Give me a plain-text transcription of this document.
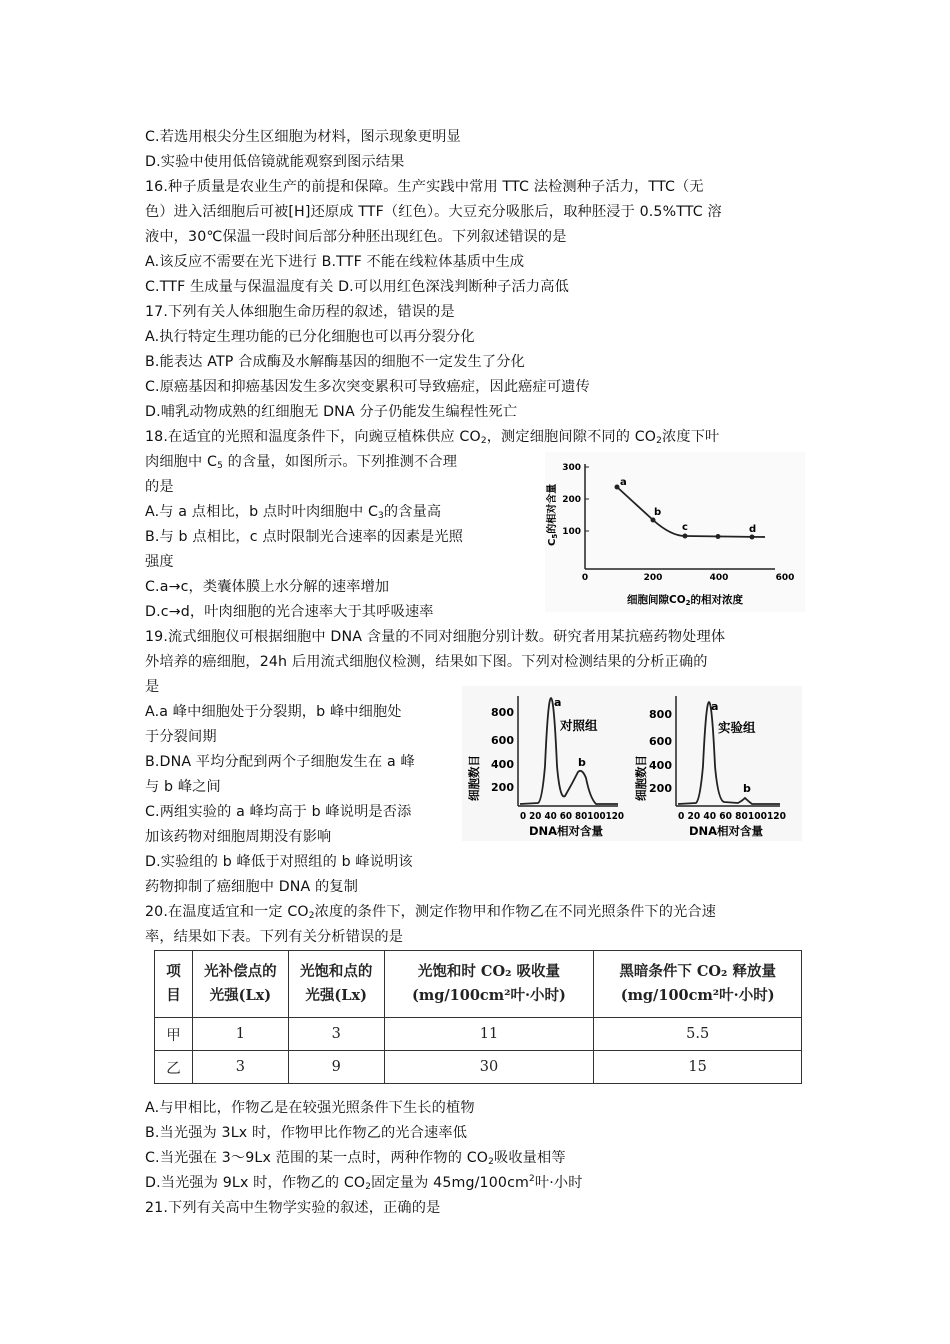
C.若选用根尖分生区细胞为材料，图示现象更明显
D.实验中使用低倍镜就能观察到图示结果
16.种子质量是农业生产的前提和保障。生产实践中常用 TTC 法检测种子活力，TTC（无
色）进入活细胞后可被[H]还原成 TTF（红色）。大豆充分吸胀后，取种胚浸于 0.5%TTC 溶
液中，30℃保温一段时间后部分种胚出现红色。下列叙述错误的是
A.该反应不需要在光下进行 B.TTF 不能在线粒体基质中生成
C.TTF 生成量与保温温度有关 D.可以用红色深浅判断种子活力高低
17.下列有关人体细胞生命历程的叙述，错误的是
A.执行特定生理功能的已分化细胞也可以再分裂分化
B.能表达 ATP 合成酶及水解酶基因的细胞不一定发生了分化
C.原癌基因和抑癌基因发生多次突变累积可导致癌症，因此癌症可遗传
D.哺乳动物成熟的红细胞无 DNA 分子仍能发生编程性死亡
18.在适宜的光照和温度条件下，向豌豆植株供应 $CO_2$，测定细胞间隙不同的 $CO_2$浓度下叶
肉细胞中 $C_5$ 的含量，如图所示。下列推测不合理
的是
A.与 a 点相比，b 点时叶肉细胞中 $C_3$的含量高
B.与 b 点相比，c 点时限制光合速率的因素是光照
强度
C.a→c，类囊体膜上水分解的速率增加
D.c→d，叶肉细胞的光合速率大于其呼吸速率
300
200
100
0	200	400	600
a
b
c	d
$C_5$的相对含量
细胞间隙CO2的相对浓度
19.流式细胞仪可根据细胞中 DNA 含量的不同对细胞分别计数。研究者用某抗癌药物处理体
外培养的癌细胞，24h 后用流式细胞仪检测，结果如下图。下列对检测结果的分析正确的
是
A.a 峰中细胞处于分裂期，b 峰中细胞处
于分裂间期
B.DNA 平均分配到两个子细胞发生在 a 峰
与 b 峰之间
C.两组实验的 a 峰均高于 b 峰说明是否添
加该药物对细胞周期没有影响
D.实验组的 b 峰低于对照组的 b 峰说明该
药物抑制了癌细胞中 DNA 的复制
细胞数目
800
600
400
200
a
b
对照组
0 20 40 60 80100120
DNA相对含量
细胞数目
800
600
400
200
a
b
实验组
0 20 40 60 80100120
DNA相对含量
20.在温度适宜和一定 $CO_2$浓度的条件下，测定作物甲和作物乙在不同光照条件下的光合速
率，结果如下表。下列有关分析错误的是
项目	光补偿点的光强(Lx)	光饱和点的光强(Lx)	光饱和时 CO₂ 吸收量(mg/100cm²叶·小时)	黑暗条件下 CO₂ 释放量(mg/100cm²叶·小时)
甲	1	3	11	5.5
乙	3	9	30	15
A.与甲相比，作物乙是在较强光照条件下生长的植物
B.当光强为 3Lx 时，作物甲比作物乙的光合速率低
C.当光强在 3～9Lx 范围的某一点时，两种作物的 $CO_2$吸收量相等
D.当光强为 9Lx 时，作物乙的 $CO_2$固定量为 $45mg/100cm^2$叶·小时
21.下列有关高中生物学实验的叙述，正确的是
